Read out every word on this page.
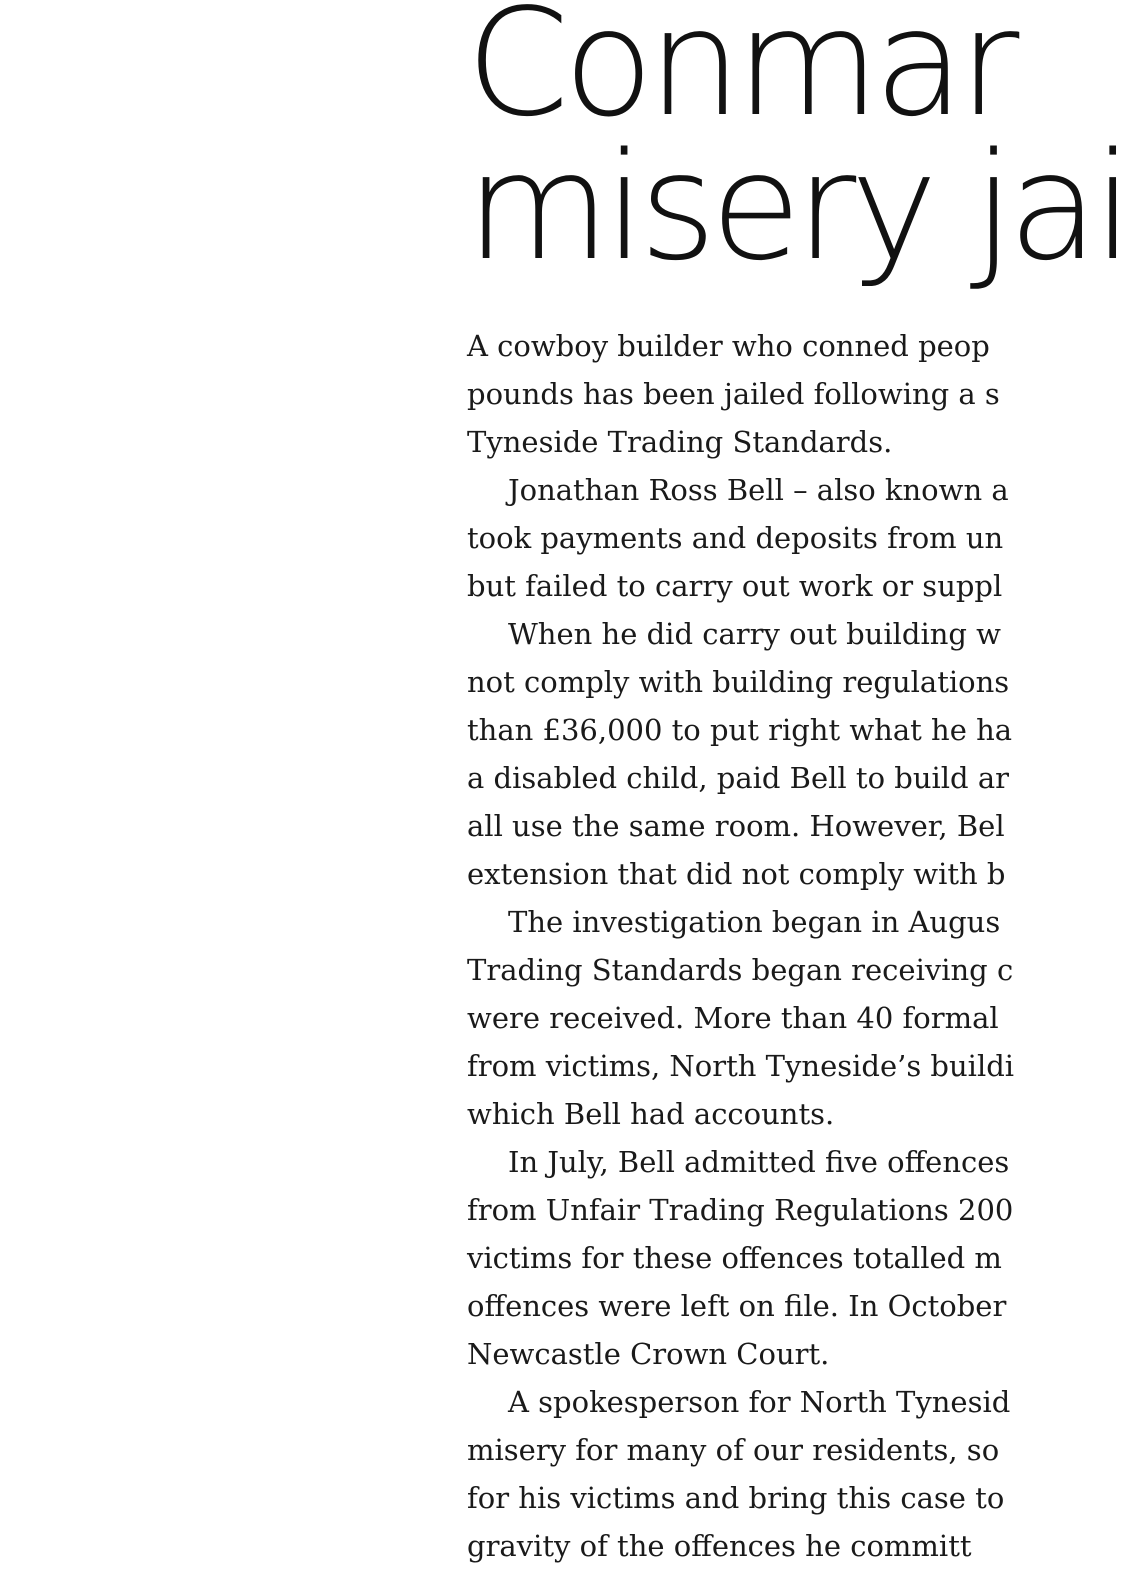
Conmar
misery jai
A cowboy builder who conned peop
pounds has been jailed following a s
Tyneside Trading Standards.
Jonathan Ross Bell – also known a
took payments and deposits from un
but failed to carry out work or suppl
When he did carry out building w
not comply with building regulations
than £36,000 to put right what he ha
a disabled child, paid Bell to build ar
all use the same room. However, Bel
extension that did not comply with b
The investigation began in Augus
Trading Standards began receiving c
were received. More than 40 formal
from victims, North Tyneside’s buildi
which Bell had accounts.
In July, Bell admitted five offences
from Unfair Trading Regulations 200
victims for these offences totalled m
offences were left on file. In October
Newcastle Crown Court.
A spokesperson for North Tynesid
misery for many of our residents, so
for his victims and bring this case to
gravity of the offences he committ
